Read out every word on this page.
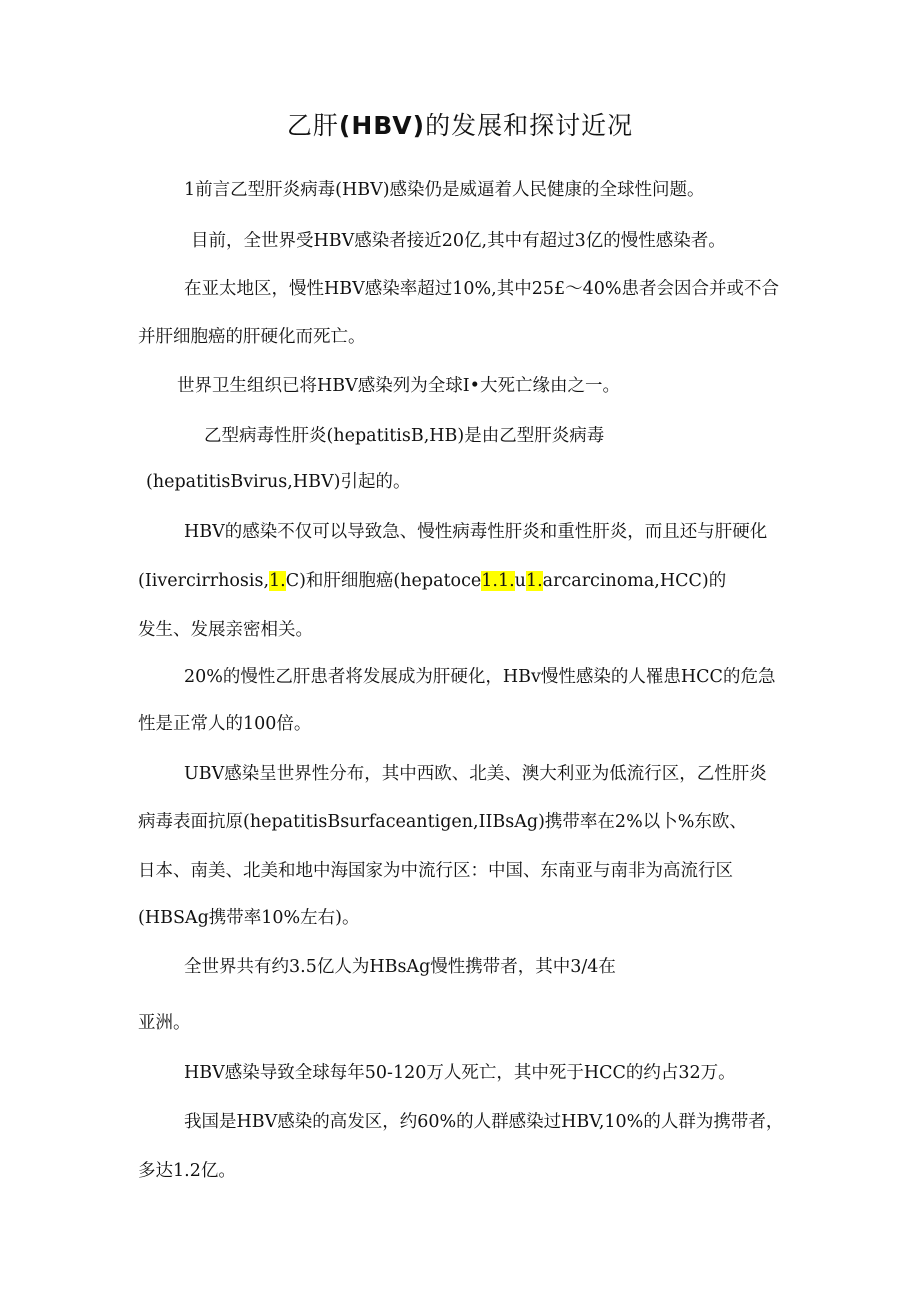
乙肝(HBV)的发展和探讨近况
1前言乙型肝炎病毒(HBV)感染仍是威逼着人民健康的全球性问题。
目前，全世界受HBV感染者接近20亿,其中有超过3亿的慢性感染者。
在亚太地区，慢性HBV感染率超过10%,其中25£～40%患者会因合并或不合
并肝细胞癌的肝硬化而死亡。
世界卫生组织已将HBV感染列为全球I•大死亡缘由之一。
乙型病毒性肝炎(hepatitisB,HB)是由乙型肝炎病毒
(hepatitisBvirus,HBV)引起的。
HBV的感染不仅可以导致急、慢性病毒性肝炎和重性肝炎，而且还与肝硬化
(Iivercirrhosis,1.C)和肝细胞癌(hepatoce1.1.u1.arcarcinoma,HCC)的
发生、发展亲密相关。
20%的慢性乙肝患者将发展成为肝硬化，HBv慢性感染的人罹患HCC的危急
性是正常人的100倍。
UBV感染呈世界性分布，其中西欧、北美、澳大利亚为低流行区，乙性肝炎
病毒表面抗原(hepatitisBsurfaceantigen,IIBsAg)携带率在2%以卜%东欧、
日本、南美、北美和地中海国家为中流行区：中国、东南亚与南非为高流行区
(HBSAg携带率10%左右)。
全世界共有约3.5亿人为HBsAg慢性携带者，其中3/4在
亚洲。
HBV感染导致全球每年50-120万人死亡，其中死于HCC的约占32万。
我国是HBV感染的高发区，约60%的人群感染过HBV,10%的人群为携带者，
多达1.2亿。
